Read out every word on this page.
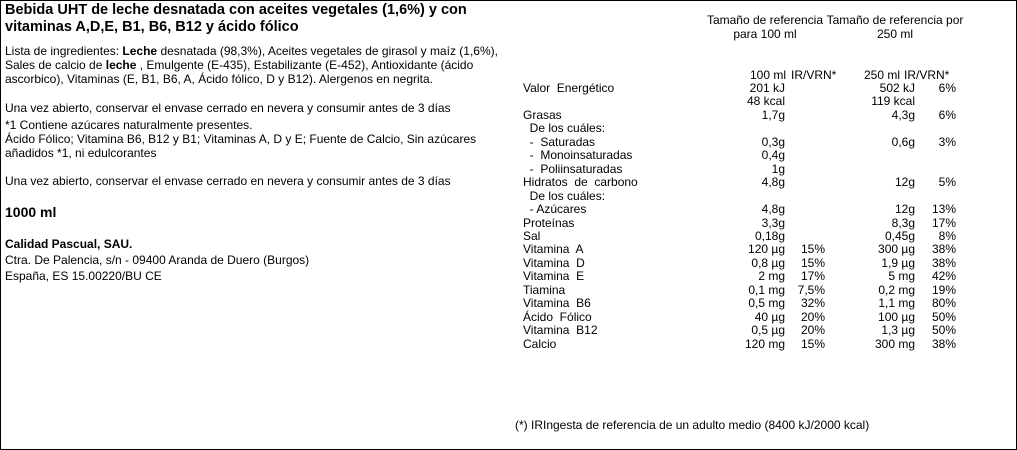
Bebida UHT de leche desnatada con aceites vegetales (1,6%) y con vitaminas A,D,E, B1, B6, B12 y ácido fólico
Lista de ingredientes: Leche desnatada (98,3%), Aceites vegetales de girasol y maíz (1,6%), Sales de calcio de leche , Emulgente (E-435), Estabilizante (E-452), Antioxidante (ácido ascorbico), Vitaminas (E, B1, B6, A, Ácido fólico, D y B12). Alergenos en negrita.
Una vez abierto, conservar el envase cerrado en nevera y consumir antes de 3 días
*1 Contiene azúcares naturalmente presentes.
Ácido Fólico; Vitamina B6, B12 y B1; Vitaminas A, D y E; Fuente de Calcio, Sin azúcares añadidos *1, ni edulcorantes
Una vez abierto, conservar el envase cerrado en nevera y consumir antes de 3 días
1000 ml
Calidad Pascual, SAU.
Ctra. De Palencia, s/n - 09400 Aranda de Duero (Burgos)
España, ES 15.00220/BU CE
Tamaño de referencia para 100 ml
Tamaño de referencia por 250 ml
100 ml IR/VRN* 250 ml IR/VRN*
Valor  Energético	201 kJ	502 kJ 6%
48 kcal	119 kcal
Grasas	1,7g	4,3g 6%
De los cuáles:
-  Saturadas	0,3g	0,6g 3%
-  Monoinsaturadas	0,4g
-  Poliinsaturadas	1g
Hidratos  de  carbono	4,8g	12g 5%
De los cuáles:
- Azúcares	4,8g	12g 13%
Proteínas	3,3g	8,3g 17%
Sal	0,18g	0,45g 8%
Vitamina  A	120 µg 15%	300 µg 38%
Vitamina  D	0,8 µg 15%	1,9 µg 38%
Vitamina  E	2 mg 17%	5 mg 42%
Tiamina	0,1 mg 7,5%	0,2 mg 19%
Vitamina  B6	0,5 mg 32%	1,1 mg 80%
Ácido  Fólico	40 µg 20%	100 µg 50%
Vitamina  B12	0,5 µg 20%	1,3 µg 50%
Calcio	120 mg 15%	300 mg 38%
(*) IRIngesta de referencia de un adulto medio (8400 kJ/2000 kcal)
